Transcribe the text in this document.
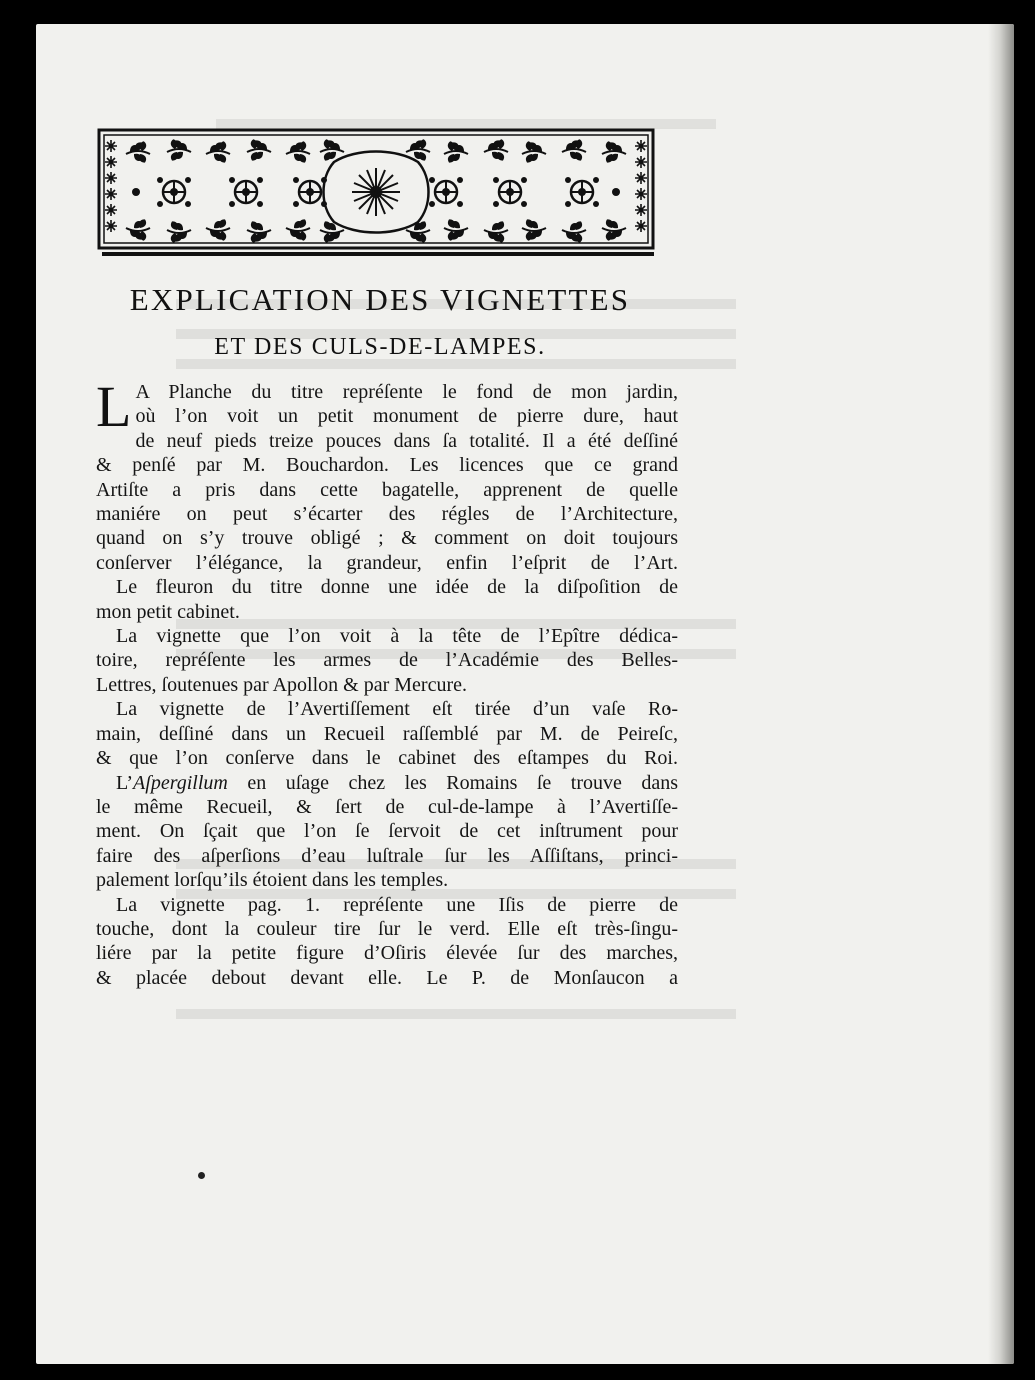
EXPLICATION DES VIGNETTES
ET DES CULS-DE-LAMPES.
L A Planche du titre repréſente le fond de mon jardin,

où l’on voit un petit monument de pierre dure, haut

de neuf pieds treize pouces dans ſa totalité. Il a été deſſiné

& penſé par M. Bouchardon. Les licences que ce grand

Artiſte a pris dans cette bagatelle, apprenent de quelle

maniére on peut s’écarter des régles de l’Architecture,

quand on s’y trouve obligé ; & comment on doit toujours

conſerver l’élégance, la grandeur, enfin l’eſprit de l’Art.

Le fleuron du titre donne une idée de la diſpoſition de

mon petit cabinet.

La vignette que l’on voit à la tête de l’Epître dédica-

toire, repréſente les armes de l’Académie des Belles-

Lettres, ſoutenues par Apollon & par Mercure.

La vignette de l’Avertiſſement eſt tirée d’un vaſe Ro-

main, deſſiné dans un Recueil raſſemblé par M. de Peireſc,

& que l’on conſerve dans le cabinet des eſtampes du Roi.

L’Aſpergillum en uſage chez les Romains ſe trouve dans

le même Recueil, & ſert de cul-de-lampe à l’Avertiſſe-

ment. On ſçait que l’on ſe ſervoit de cet inſtrument pour

faire des aſperſions d’eau luſtrale ſur les Aſſiſtans, princi-

palement lorſqu’ils étoient dans les temples.

La vignette pag. 1. repréſente une Iſis de pierre de

touche, dont la couleur tire ſur le verd. Elle eſt très-ſingu-

liére par la petite figure d’Oſiris élevée ſur des marches,

& placée debout devant elle. Le P. de Monſaucon a
